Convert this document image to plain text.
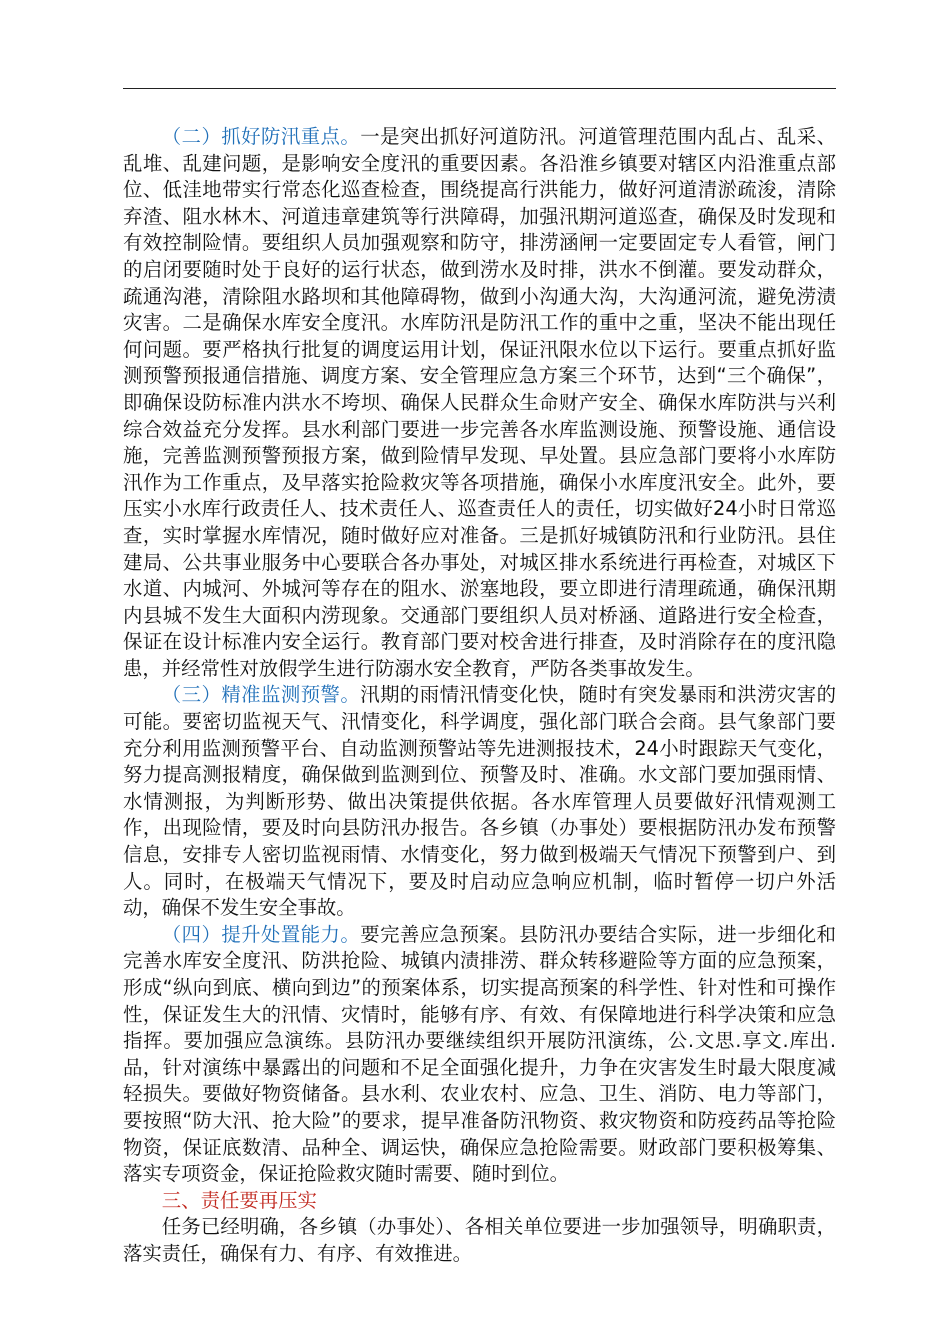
（二）抓好防汛重点。一是突出抓好河道防汛。河道管理范围内乱占、乱采、乱堆、乱建问题，是影响安全度汛的重要因素。各沿淮乡镇要对辖区内沿淮重点部位、低洼地带实行常态化巡查检查，围绕提高行洪能力，做好河道清淤疏浚，清除弃渣、阻水林木、河道违章建筑等行洪障碍，加强汛期河道巡查，确保及时发现和有效控制险情。要组织人员加强观察和防守，排涝涵闸一定要固定专人看管，闸门的启闭要随时处于良好的运行状态，做到涝水及时排，洪水不倒灌。要发动群众，疏通沟港，清除阻水路坝和其他障碍物，做到小沟通大沟，大沟通河流，避免涝渍灾害。二是确保水库安全度汛。水库防汛是防汛工作的重中之重，坚决不能出现任何问题。要严格执行批复的调度运用计划，保证汛限水位以下运行。要重点抓好监测预警预报通信措施、调度方案、安全管理应急方案三个环节，达到“三个确保”，即确保设防标准内洪水不垮坝、确保人民群众生命财产安全、确保水库防洪与兴利综合效益充分发挥。县水利部门要进一步完善各水库监测设施、预警设施、通信设施，完善监测预警预报方案，做到险情早发现、早处置。县应急部门要将小水库防汛作为工作重点，及早落实抢险救灾等各项措施，确保小水库度汛安全。此外，要压实小水库行政责任人、技术责任人、巡查责任人的责任，切实做好24小时日常巡查，实时掌握水库情况，随时做好应对准备。三是抓好城镇防汛和行业防汛。县住建局、公共事业服务中心要联合各办事处，对城区排水系统进行再检查，对城区下水道、内城河、外城河等存在的阻水、淤塞地段，要立即进行清理疏通，确保汛期内县城不发生大面积内涝现象。交通部门要组织人员对桥涵、道路进行安全检查，保证在设计标准内安全运行。教育部门要对校舍进行排查，及时消除存在的度汛隐患，并经常性对放假学生进行防溺水安全教育，严防各类事故发生。

（三）精准监测预警。汛期的雨情汛情变化快，随时有突发暴雨和洪涝灾害的可能。要密切监视天气、汛情变化，科学调度，强化部门联合会商。县气象部门要充分利用监测预警平台、自动监测预警站等先进测报技术，24小时跟踪天气变化，努力提高测报精度，确保做到监测到位、预警及时、准确。水文部门要加强雨情、水情测报，为判断形势、做出决策提供依据。各水库管理人员要做好汛情观测工作，出现险情，要及时向县防汛办报告。各乡镇（办事处）要根据防汛办发布预警信息，安排专人密切监视雨情、水情变化，努力做到极端天气情况下预警到户、到人。同时，在极端天气情况下，要及时启动应急响应机制，临时暂停一切户外活动，确保不发生安全事故。

（四）提升处置能力。要完善应急预案。县防汛办要结合实际，进一步细化和完善水库安全度汛、防洪抢险、城镇内渍排涝、群众转移避险等方面的应急预案，形成“纵向到底、横向到边”的预案体系，切实提高预案的科学性、针对性和可操作性，保证发生大的汛情、灾情时，能够有序、有效、有保障地进行科学决策和应急指挥。要加强应急演练。县防汛办要继续组织开展防汛演练，公.文思.享文.库出.品，针对演练中暴露出的问题和不足全面强化提升，力争在灾害发生时最大限度减轻损失。要做好物资储备。县水利、农业农村、应急、卫生、消防、电力等部门，要按照“防大汛、抢大险”的要求，提早准备防汛物资、救灾物资和防疫药品等抢险物资，保证底数清、品种全、调运快，确保应急抢险需要。财政部门要积极筹集、落实专项资金，保证抢险救灾随时需要、随时到位。

三、责任要再压实

任务已经明确，各乡镇（办事处）、各相关单位要进一步加强领导，明确职责，落实责任，确保有力、有序、有效推进。
